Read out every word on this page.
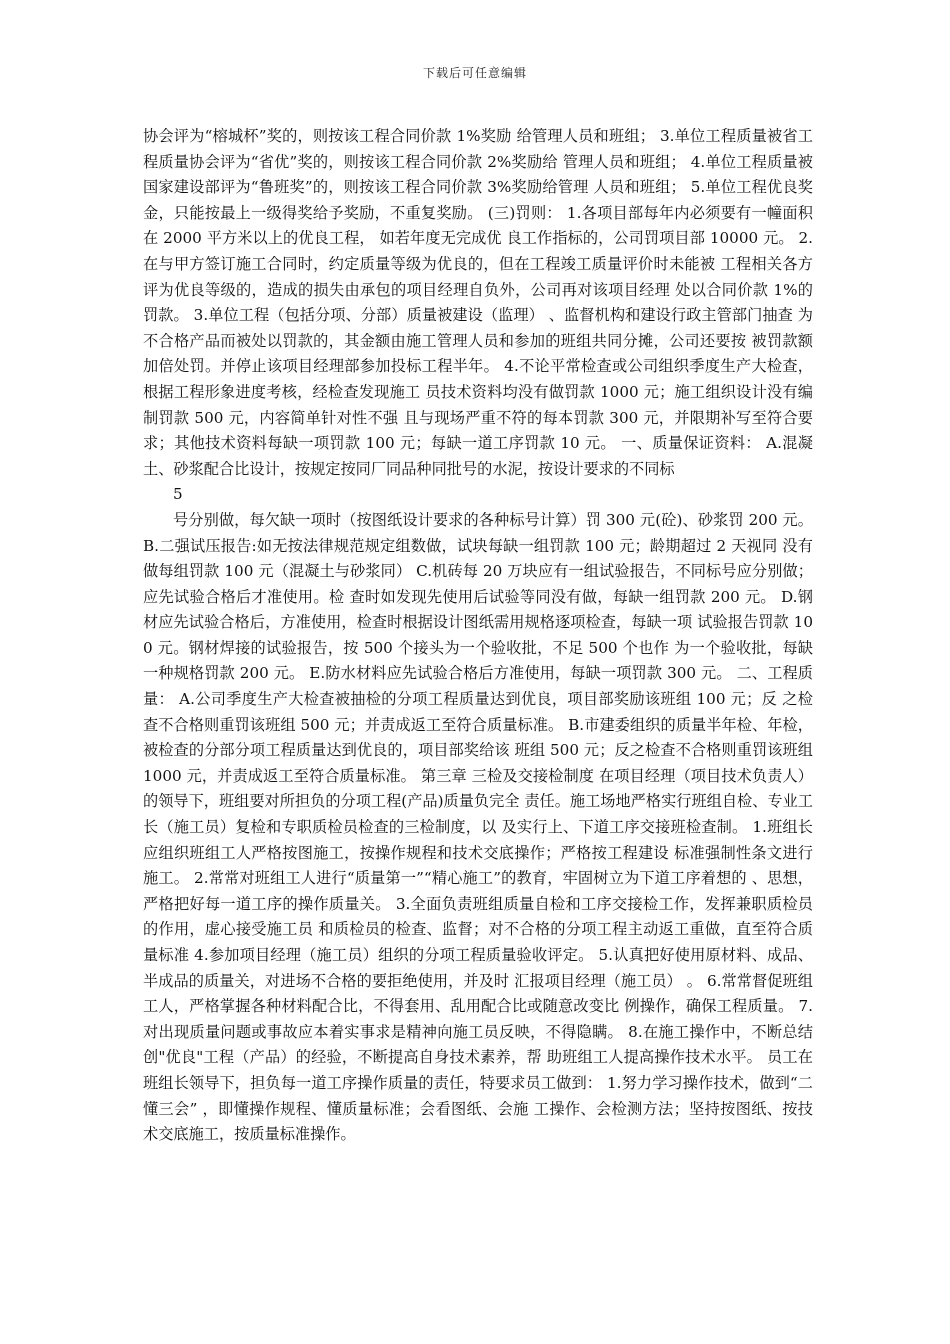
下载后可任意编辑

协会评为“榕城杯”奖的，则按该工程合同价款 1%奖励 给管理人员和班组； 3.单位工程质量被省工程质量协会评为“省优”奖的，则按该工程合同价款 2%奖励给 管理人员和班组； 4.单位工程质量被国家建设部评为“鲁班奖”的，则按该工程合同价款 3%奖励给管理 人员和班组； 5.单位工程优良奖金，只能按最上一级得奖给予奖励，不重复奖励。 (三)罚则： 1.各项目部每年内必须要有一幢面积在 2000 平方米以上的优良工程， 如若年度无完成优 良工作指标的，公司罚项目部 10000 元。 2.在与甲方签订施工合同时，约定质量等级为优良的，但在工程竣工质量评价时未能被 工程相关各方评为优良等级的，造成的损失由承包的项目经理自负外，公司再对该项目经理 处以合同价款 1%的罚款。 3.单位工程（包括分项、分部）质量被建设（监理） 、监督机构和建设行政主管部门抽查 为不合格产品而被处以罚款的，其金额由施工管理人员和参加的班组共同分摊，公司还要按 被罚款额加倍处罚。并停止该项目经理部参加投标工程半年。 4.不论平常检查或公司组织季度生产大检查，根据工程形象进度考核，经检查发现施工 员技术资料均没有做罚款 1000 元；施工组织设计没有编制罚款 500 元，内容简单针对性不强 且与现场严重不符的每本罚款 300 元，并限期补写至符合要求；其他技术资料每缺一项罚款 100 元；每缺一道工序罚款 10 元。 一、质量保证资料： A.混凝土、砂浆配合比设计，按规定按同厂同品种同批号的水泥，按设计要求的不同标

5

号分别做，每欠缺一项时（按图纸设计要求的各种标号计算）罚 300 元(砼)、砂浆罚 200 元。 B.二强试压报告:如无按法律规范规定组数做，试块每缺一组罚款 100 元；龄期超过 2 天视同 没有做每组罚款 100 元（混凝土与砂浆同） C.机砖每 20 万块应有一组试验报告，不同标号应分别做；应先试验合格后才准使用。检 查时如发现先使用后试验等同没有做，每缺一组罚款 200 元。 D.钢材应先试验合格后，方准使用，检查时根据设计图纸需用规格逐项检查，每缺一项 试验报告罚款 100 元。钢材焊接的试验报告，按 500 个接头为一个验收批，不足 500 个也作 为一个验收批，每缺一种规格罚款 200 元。 E.防水材料应先试验合格后方准使用，每缺一项罚款 300 元。 二、工程质量： A.公司季度生产大检查被抽检的分项工程质量达到优良，项目部奖励该班组 100 元；反 之检查不合格则重罚该班组 500 元；并责成返工至符合质量标准。 B.市建委组织的质量半年检、年检，被检查的分部分项工程质量达到优良的，项目部奖给该 班组 500 元；反之检查不合格则重罚该班组 1000 元，并责成返工至符合质量标准。 第三章 三检及交接检制度 在项目经理（项目技术负责人）的领导下，班组要对所担负的分项工程(产品)质量负完全 责任。施工场地严格实行班组自检、专业工长（施工员）复检和专职质检员检查的三检制度，以 及实行上、下道工序交接班检查制。 1.班组长应组织班组工人严格按图施工，按操作规程和技术交底操作；严格按工程建设 标准强制性条文进行施工。 2.常常对班组工人进行“质量第一”“精心施工”的教育，牢固树立为下道工序着想的 、思想，严格把好每一道工序的操作质量关。 3.全面负责班组质量自检和工序交接检工作，发挥兼职质检员的作用，虚心接受施工员 和质检员的检查、监督；对不合格的分项工程主动返工重做，直至符合质量标准 4.参加项目经理（施工员）组织的分项工程质量验收评定。 5.认真把好使用原材料、成品、半成品的质量关，对进场不合格的要拒绝使用，并及时 汇报项目经理（施工员） 。 6.常常督促班组工人，严格掌握各种材料配合比，不得套用、乱用配合比或随意改变比 例操作，确保工程质量。 7.对出现质量问题或事故应本着实事求是精神向施工员反映，不得隐瞒。 8.在施工操作中，不断总结创"优良"工程（产品）的经验，不断提高自身技术素养，帮 助班组工人提高操作技术水平。 员工在班组长领导下，担负每一道工序操作质量的责任，特要求员工做到： 1.努力学习操作技术，做到“二懂三会” ，即懂操作规程、懂质量标准；会看图纸、会施 工操作、会检测方法；坚持按图纸、按技术交底施工，按质量标准操作。
